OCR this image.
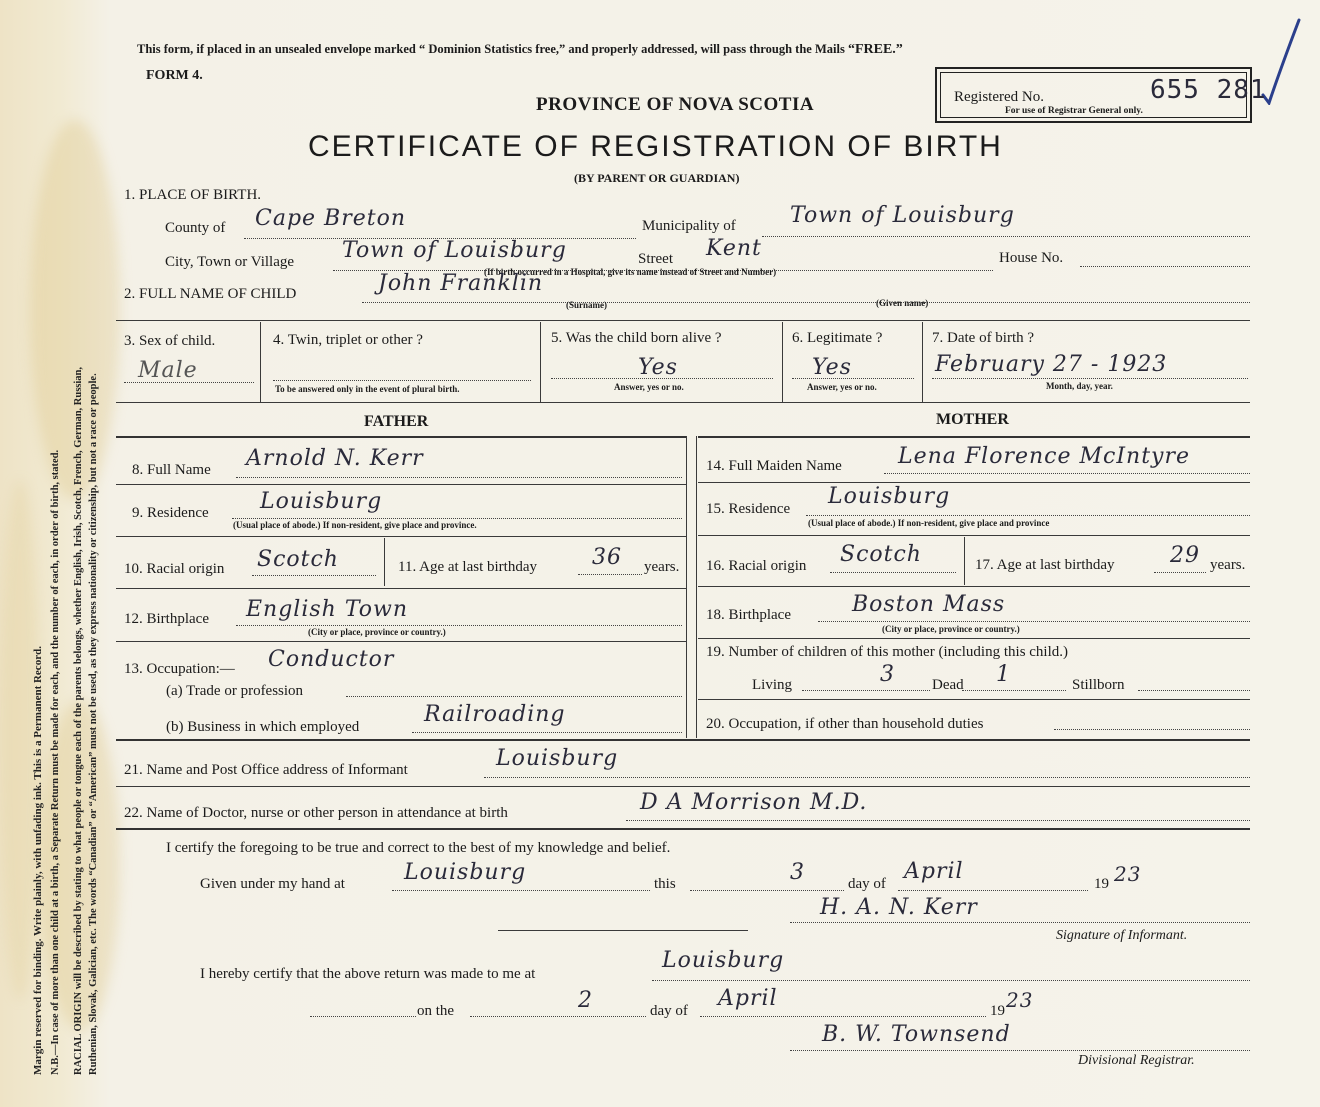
Margin reserved for binding. Write plainly, with unfading ink. This is a Permanent Record. N.B.—In case of more than one child at a birth, a Separate Return must be made for each, and the number of each, in order of birth, stated. RACIAL ORIGIN will be described by stating to what people or tongue each of the parents belongs, whether English, Irish, Scotch, French, German, Russian, Ruthenian, Slovak, Galician, etc. The words “Canadian” or “American” must not be used, as they express nationality or citizenship, but not a race or people.
This form, if placed in an unsealed envelope marked “ Dominion Statistics free,” and properly addressed, will pass through the Mails “FREE.”
FORM 4.
PROVINCE OF NOVA SCOTIA
CERTIFICATE OF REGISTRATION OF BIRTH
(BY PARENT OR GUARDIAN)
Registered No.	655 281
For use of Registrar General only.
1. PLACE OF BIRTH.
County of Cape Breton	Municipality of Town of Louisburg
City, Town or Village Town of Louisburg	Street Kent	House No.
(If birth occurred in a Hospital, give its name instead of Street and Number)
2. FULL NAME OF CHILD	John Franklin
(Surname)	(Given name)
3. Sex of child.
Male
4. Twin, triplet or other ?
To be answered only in the event of plural birth.
5. Was the child born alive ?
Yes
Answer, yes or no.
6. Legitimate ?
Yes
Answer, yes or no.
7. Date of birth ?
February 27 - 1923
Month, day, year.
FATHER	MOTHER
8. Full Name Arnold N. Kerr
9. Residence Louisburg
(Usual place of abode.) If non-resident, give place and province.
10. Racial origin Scotch	11. Age at last birthday	36 years.
12. Birthplace English Town
(City or place, province or country.)
13. Occupation:— Conductor
(a) Trade or profession
(b) Business in which employed	Railroading
14. Full Maiden Name	Lena Florence McIntyre
15. Residence Louisburg
(Usual place of abode.) If non-resident, give place and province
16. Racial origin Scotch	17. Age at last birthday	29 years.
18. Birthplace	Boston Mass
(City or place, province or country.)
19. Number of children of this mother (including this child.)
Living	3 Dead 1	Stillborn
20. Occupation, if other than household duties
21. Name and Post Office address of Informant	Louisburg
22. Name of Doctor, nurse or other person in attendance at birth	D A Morrison M.D.
I certify the foregoing to be true and correct to the best of my knowledge and belief.
Given under my hand at	Louisburg	this	3	day of April	19 23
H. A. N. Kerr
Signature of Informant.
I hereby certify that the above return was made to me at
Louisburg
on the	2	day of April	19 23
B. W. Townsend
Divisional Registrar.
